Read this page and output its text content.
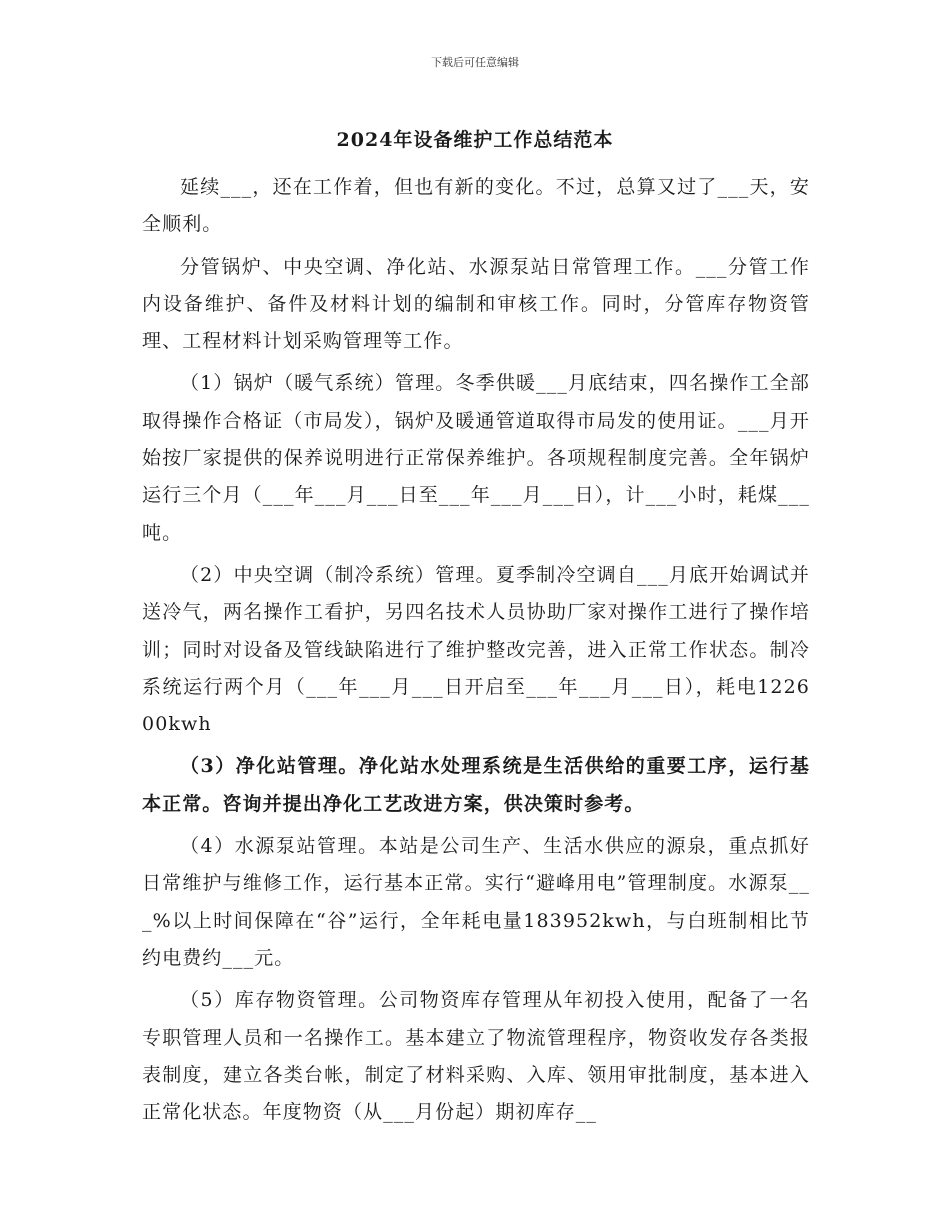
下载后可任意编辑
2024年设备维护工作总结范本

延续___，还在工作着，但也有新的变化。不过，总算又过了___天，安全顺利。

分管锅炉、中央空调、净化站、水源泵站日常管理工作。___分管工作内设备维护、备件及材料计划的编制和审核工作。同时，分管库存物资管理、工程材料计划采购管理等工作。

（1）锅炉（暖气系统）管理。冬季供暖___月底结束，四名操作工全部取得操作合格证（市局发），锅炉及暖通管道取得市局发的使用证。___月开始按厂家提供的保养说明进行正常保养维护。各项规程制度完善。全年锅炉运行三个月（___年___月___日至___年___月___日），计___小时，耗煤___吨。

（2）中央空调（制冷系统）管理。夏季制冷空调自___月底开始调试并送冷气，两名操作工看护，另四名技术人员协助厂家对操作工进行了操作培训；同时对设备及管线缺陷进行了维护整改完善，进入正常工作状态。制冷系统运行两个月（___年___月___日开启至___年___月___日），耗电122600kwh

（3）净化站管理。净化站水处理系统是生活供给的重要工序，运行基本正常。咨询并提出净化工艺改进方案，供决策时参考。

（4）水源泵站管理。本站是公司生产、生活水供应的源泉，重点抓好日常维护与维修工作，运行基本正常。实行“避峰用电”管理制度。水源泵___%以上时间保障在“谷”运行，全年耗电量183952kwh，与白班制相比节约电费约___元。

（5）库存物资管理。公司物资库存管理从年初投入使用，配备了一名专职管理人员和一名操作工。基本建立了物流管理程序，物资收发存各类报表制度，建立各类台帐，制定了材料采购、入库、领用审批制度，基本进入正常化状态。年度物资（从___月份起）期初库存__
